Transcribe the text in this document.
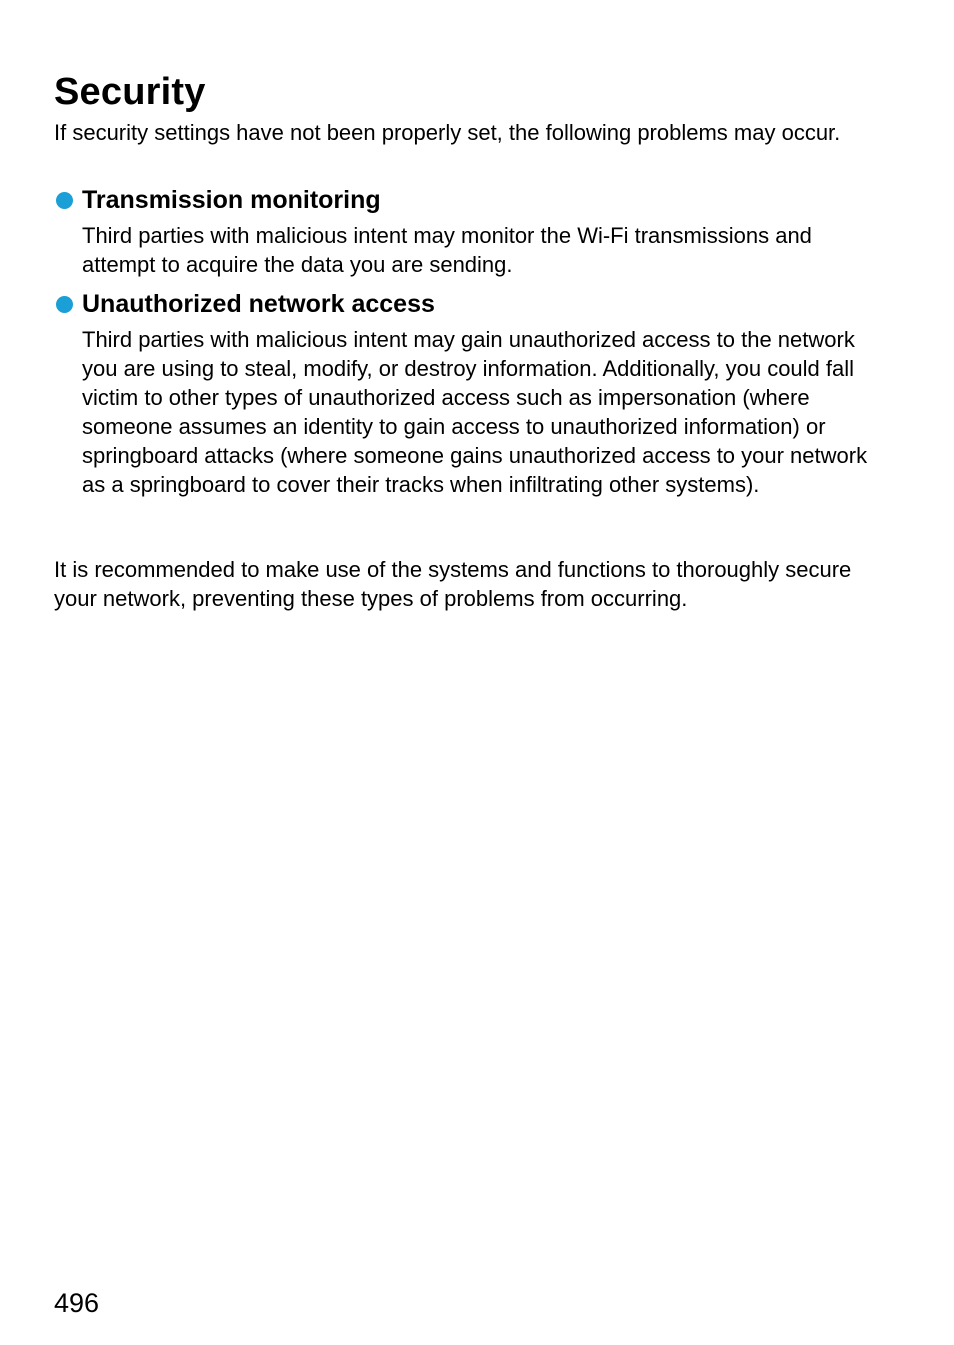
Security

If security settings have not been properly set, the following problems may occur.

Transmission monitoring

Third parties with malicious intent may monitor the Wi-Fi transmissions and attempt to acquire the data you are sending.

Unauthorized network access

Third parties with malicious intent may gain unauthorized access to the network you are using to steal, modify, or destroy information. Additionally, you could fall victim to other types of unauthorized access such as impersonation (where someone assumes an identity to gain access to unauthorized information) or springboard attacks (where someone gains unauthorized access to your network as a springboard to cover their tracks when infiltrating other systems).

It is recommended to make use of the systems and functions to thoroughly secure your network, preventing these types of problems from occurring.

496
